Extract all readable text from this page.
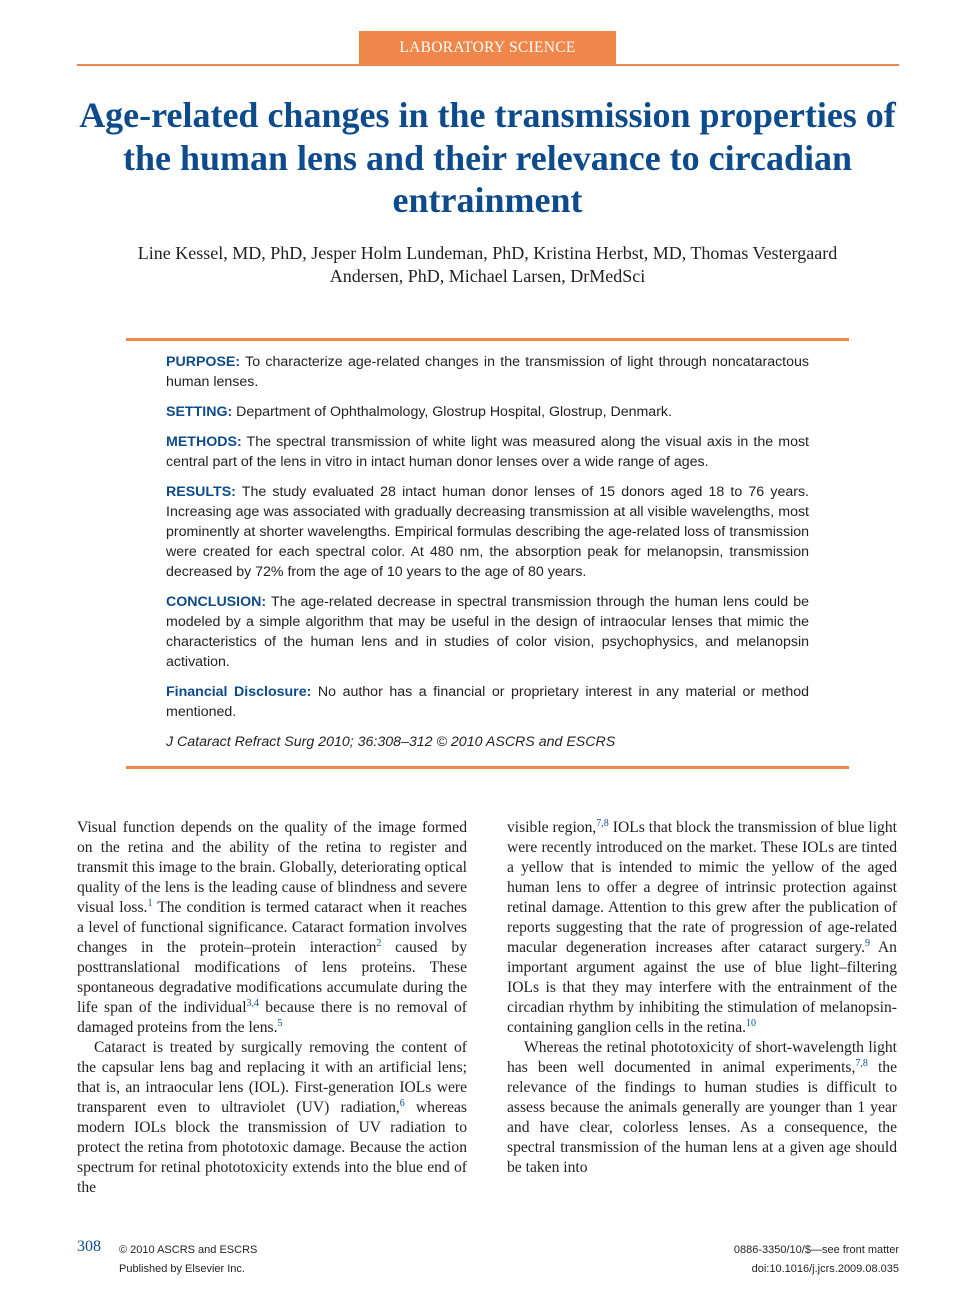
LABORATORY SCIENCE
Age-related changes in the transmission properties of the human lens and their relevance to circadian entrainment
Line Kessel, MD, PhD, Jesper Holm Lundeman, PhD, Kristina Herbst, MD, Thomas Vestergaard Andersen, PhD, Michael Larsen, DrMedSci

PURPOSE: To characterize age-related changes in the transmission of light through noncataractous human lenses.

SETTING: Department of Ophthalmology, Glostrup Hospital, Glostrup, Denmark.

METHODS: The spectral transmission of white light was measured along the visual axis in the most central part of the lens in vitro in intact human donor lenses over a wide range of ages.

RESULTS: The study evaluated 28 intact human donor lenses of 15 donors aged 18 to 76 years. Increasing age was associated with gradually decreasing transmission at all visible wavelengths, most prominently at shorter wavelengths. Empirical formulas describing the age-related loss of transmission were created for each spectral color. At 480 nm, the absorption peak for melanopsin, transmission decreased by 72% from the age of 10 years to the age of 80 years.

CONCLUSION: The age-related decrease in spectral transmission through the human lens could be modeled by a simple algorithm that may be useful in the design of intraocular lenses that mimic the characteristics of the human lens and in studies of color vision, psychophysics, and melanopsin activation.

Financial Disclosure: No author has a financial or proprietary interest in any material or method mentioned.

J Cataract Refract Surg 2010; 36:308–312 © 2010 ASCRS and ESCRS

Visual function depends on the quality of the image formed on the retina and the ability of the retina to register and transmit this image to the brain. Globally, deteriorating optical quality of the lens is the leading cause of blindness and severe visual loss.$^1$ The condition is termed cataract when it reaches a level of functional significance. Cataract formation involves changes in the protein–protein interaction$^2$ caused by posttranslational modifications of lens proteins. These spontaneous degradative modifications accumulate during the life span of the individual$^{3,4}$ because there is no removal of damaged proteins from the lens.$^5$

Cataract is treated by surgically removing the content of the capsular lens bag and replacing it with an artificial lens; that is, an intraocular lens (IOL). First-generation IOLs were transparent even to ultraviolet (UV) radiation,$^6$ whereas modern IOLs block the transmission of UV radiation to protect the retina from phototoxic damage. Because the action spectrum for retinal phototoxicity extends into the blue end of the

visible region,$^{7,8}$ IOLs that block the transmission of blue light were recently introduced on the market. These IOLs are tinted a yellow that is intended to mimic the yellow of the aged human lens to offer a degree of intrinsic protection against retinal damage. Attention to this grew after the publication of reports suggesting that the rate of progression of age-related macular degeneration increases after cataract surgery.$^9$ An important argument against the use of blue light–filtering IOLs is that they may interfere with the entrainment of the circadian rhythm by inhibiting the stimulation of melanopsin-containing ganglion cells in the retina.$^{10}$

Whereas the retinal phototoxicity of short-wavelength light has been well documented in animal experiments,$^{7,8}$ the relevance of the findings to human studies is difficult to assess because the animals generally are younger than 1 year and have clear, colorless lenses. As a consequence, the spectral transmission of the human lens at a given age should be taken into

308 © 2010 ASCRS and ESCRS
Published by Elsevier Inc.
0886-3350/10/$—see front matter
doi:10.1016/j.jcrs.2009.08.035
